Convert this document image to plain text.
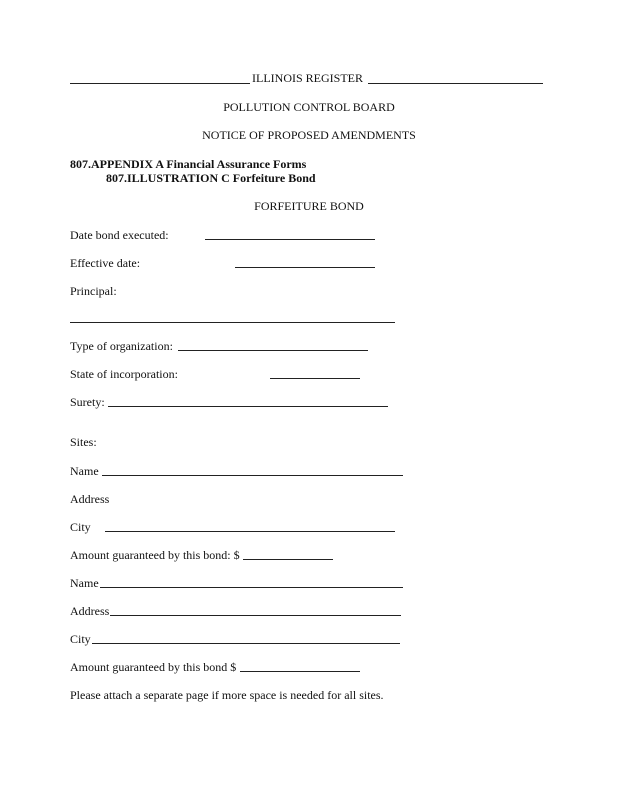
ILLINOIS REGISTER
POLLUTION CONTROL BOARD
NOTICE OF PROPOSED AMENDMENTS
807.APPENDIX A Financial Assurance Forms
807.ILLUSTRATION C Forfeiture Bond
FORFEITURE BOND
Date bond executed:
Effective date:
Principal:
Type of organization:
State of incorporation:
Surety:
Sites:
Name
Address
City
Amount guaranteed by this bond: $
Name
Address
City
Amount guaranteed by this bond $
Please attach a separate page if more space is needed for all sites.
